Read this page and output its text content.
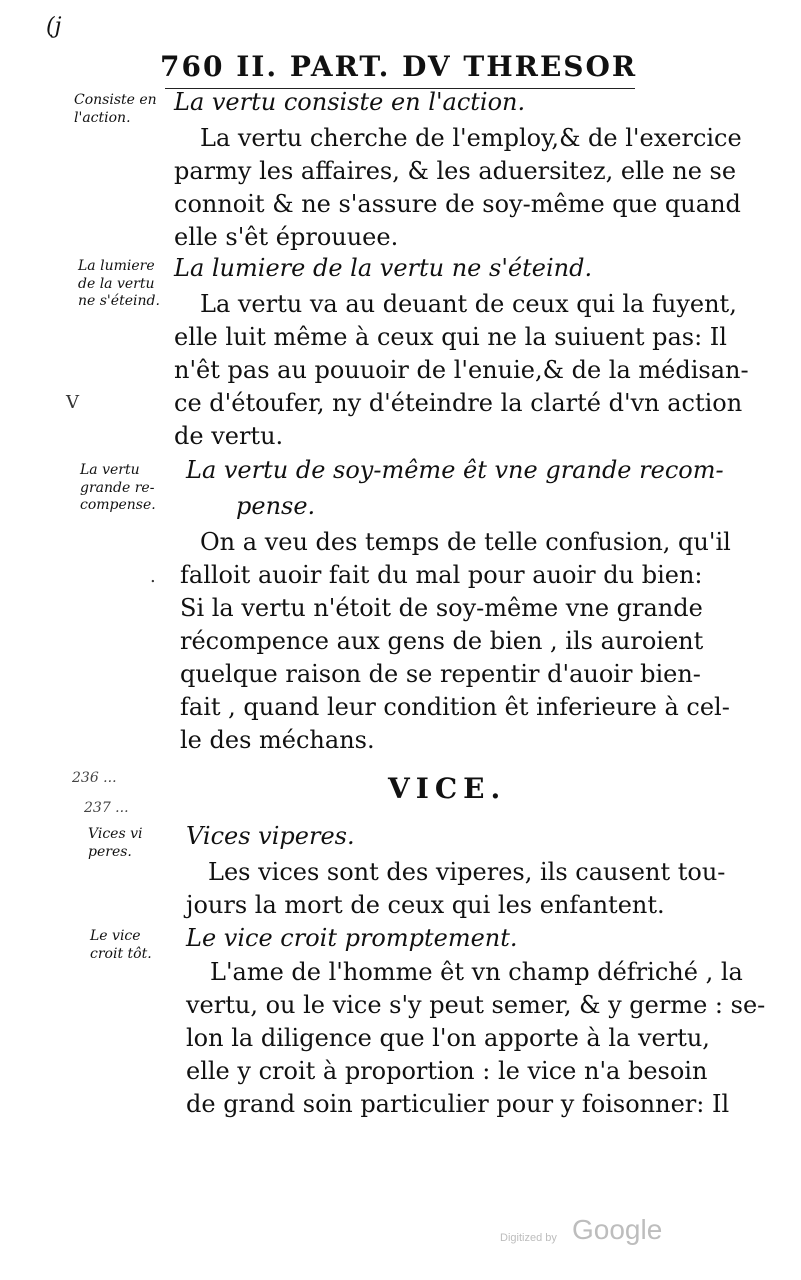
(j
760 II. PART. DV THRESOR
Consiste en
l'action.
La vertu consiste en l'action.
La vertu cherche de l'employ,& de l'exercice
parmy les affaires, & les aduersitez, elle ne se
connoit & ne s'assure de soy-même que quand
elle s'êt éprouuee.
La lumiere
de la vertu
ne s'éteind.
La lumiere de la vertu ne s'éteind.
La vertu va au deuant de ceux qui la fuyent,
elle luit même à ceux qui ne la suiuent pas: Il
n'êt pas au pouuoir de l'enuie,& de la médisan-
ce d'étoufer, ny d'éteindre la clarté d'vn action
de vertu.
V
La vertu
grande re-
compense.
La vertu de soy-même êt vne grande recom-
pense.
On a veu des temps de telle confusion, qu'il
falloit auoir fait du mal pour auoir du bien:
Si la vertu n'étoit de soy-même vne grande
récompence aux gens de bien , ils auroient
quelque raison de se repentir d'auoir bien-
fait , quand leur condition êt inferieure à cel-
le des méchans.
.
236 ...
237 ...
VICE.
Vices vi
peres.
Vices viperes.
Les vices sont des viperes, ils causent tou-
jours la mort de ceux qui les enfantent.
Le vice
croit tôt.
Le vice croit promptement.
L'ame de l'homme êt vn champ défriché , la
vertu, ou le vice s'y peut semer, & y germe : se-
lon la diligence que l'on apporte à la vertu,
elle y croit à proportion : le vice n'a besoin
de grand soin particulier pour y foisonner: Il
Digitized by Google
